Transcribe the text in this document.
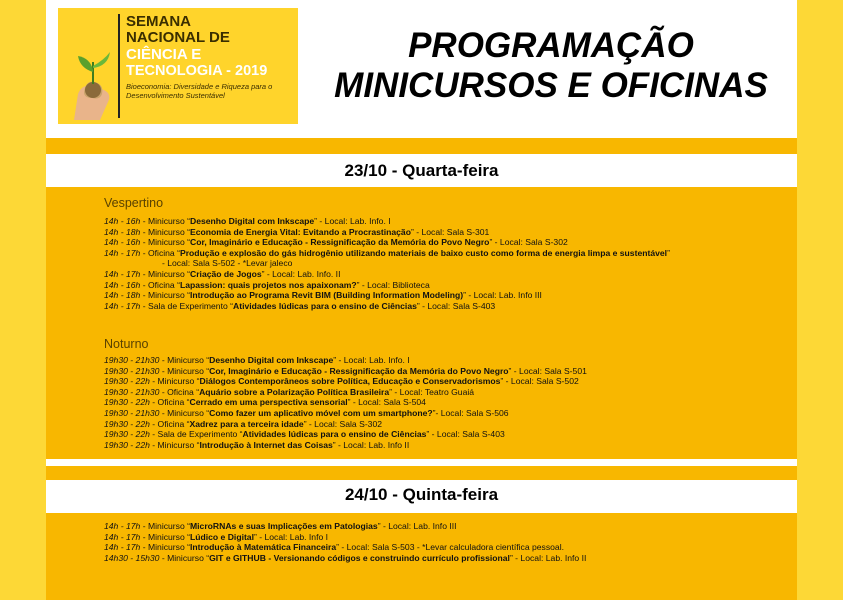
SEMANA
NACIONAL DE
CIÊNCIA E
TECNOLOGIA - 2019
Bioeconomia: Diversidade e Riqueza para o Desenvolvimento Sustentável
PROGRAMAÇÃO
MINICURSOS E OFICINAS
23/10 - Quarta-feira
Vespertino
14h - 16h - Minicurso “Desenho Digital com Inkscape” - Local: Lab. Info. I
14h - 18h - Minicurso “Economia de Energia Vital: Evitando a Procrastinação” - Local: Sala S-301
14h - 16h - Minicurso “Cor, Imaginário e Educação - Ressignificação da Memória do Povo Negro” - Local: Sala S-302
14h - 17h - Oficina “Produção e explosão do gás hidrogênio utilizando materiais de baixo custo como forma de energia limpa e sustentável”
- Local: Sala S-502 - *Levar jaleco
14h - 17h - Minicurso “Criação de Jogos” - Local: Lab. Info. II
14h - 16h - Oficina “Lapassion: quais projetos nos apaixonam?” - Local: Biblioteca
14h - 18h - Minicurso “Introdução ao Programa Revit BIM (Building Information Modeling)” - Local: Lab. Info III
14h - 17h - Sala de Experimento “Atividades lúdicas para o ensino de Ciências” - Local: Sala S-403
Noturno
19h30 - 21h30 - Minicurso “Desenho Digital com Inkscape” - Local: Lab. Info. I
19h30 - 21h30 - Minicurso “Cor, Imaginário e Educação - Ressignificação da Memória do Povo Negro” - Local: Sala S-501
19h30 - 22h - Minicurso “Diálogos Contemporâneos sobre Política, Educação e Conservadorismos” - Local: Sala S-502
19h30 - 21h30 - Oficina “Aquário sobre a Polarização Política Brasileira” - Local: Teatro Guaiá
19h30 - 22h - Oficina “Cerrado em uma perspectiva sensorial” - Local: Sala S-504
19h30 - 21h30 - Minicurso “Como fazer um aplicativo móvel com um smartphone?”- Local: Sala S-506
19h30 - 22h - Oficina “Xadrez para a terceira idade” - Local: Sala S-302
19h30 - 22h - Sala de Experimento “Atividades lúdicas para o ensino de Ciências” - Local: Sala S-403
19h30 - 22h - Minicurso “Introdução à Internet das Coisas” - Local: Lab. Info II
24/10 - Quinta-feira
14h - 17h - Minicurso “MicroRNAs e suas Implicações em Patologias” - Local: Lab. Info III
14h - 17h - Minicurso “Lúdico e Digital” - Local: Lab. Info I
14h - 17h - Minicurso “Introdução à Matemática Financeira” - Local: Sala S-503 - *Levar calculadora científica pessoal.
14h30 - 15h30 - Minicurso “GIT e GITHUB - Versionando códigos e construindo currículo profissional” - Local: Lab. Info II
